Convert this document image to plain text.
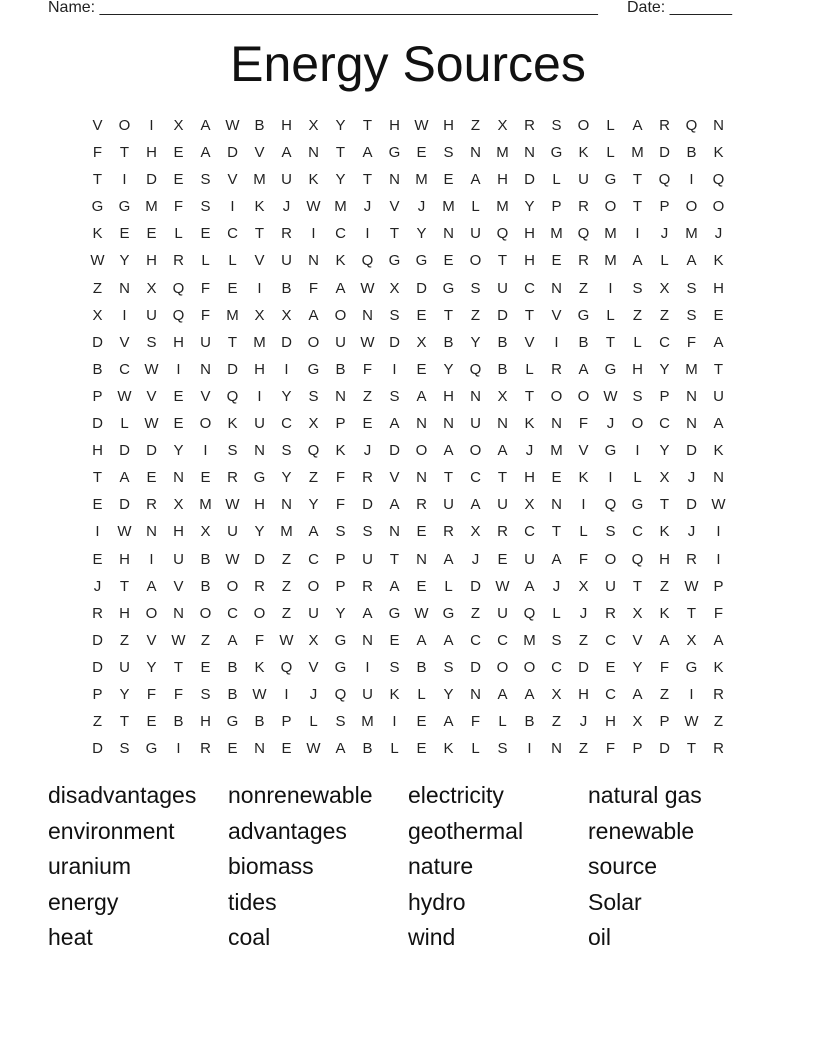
Name: ________________________________________________________ Date: _______
Energy Sources
V	O	I	X	A W B	H	X	Y	T	H W H	Z	X	R	S	O	L	A	R	Q	N
F	T	H	E	A	D	V	A	N	T	A	G	E	S	N	M	N	G	K	L	M	D	B	K
T	I	D	E	S	V	M	U	K	Y	T	N	M	E	A	H	D	L	U	G	T	Q	I	Q
G	G M	F	S	I	K	J	W M	J	V	J	M	L	M	Y	P	R	O	T	P	O	O
K	E	E	L	E	C	T	R	I	C	I	T	Y	N	U	Q	H	M Q M	I	J	M	J
W Y	H	R	L	L	V	U	N	K	Q	G	G	E	O	T	H	E	R	M	A	L	A	K
Z	N	X	Q	F	E	I	B	F	A W X	D	G	S	U	C	N	Z	I	S	X	S	H
X	I	U	Q	F	M	X	X	A	O	N	S	E	T	Z	D	T	V	G	L	Z	Z	S	E
D	V	S	H	U	T	M	D	O	U W D	X	B	Y	B	V	I	B	T	L	C	F	A
B	C W	I	N	D	H	I	G	B	F	I	E	Y	Q	B	L	R	A	G	H	Y	M	T
P W V	E	V	Q	I	Y	S	N	Z	S	A	H	N	X	T	O	O W S	P	N	U
D	L	W E	O	K	U	C	X	P	E	A	N	N	U	N	K	N	F	J	O	C	N	A
H	D	D	Y	I	S	N	S	Q	K	J	D	O	A	O	A	J	M	V	G	I	Y	D	K
T	A	E	N	E	R	G	Y	Z	F	R	V	N	T	C	T	H	E	K	I	L	X	J	N
E	D	R	X	M W H	N	Y	F	D	A	R	U	A	U	X	N	I	Q	G	T	D W
I	W N	H	X	U	Y	M	A	S	S	N	E	R	X	R	C	T	L	S	C	K	J	I
E	H	I	U	B W D	Z	C	P	U	T	N	A	J	E	U	A	F	O	Q	H	R	I
J	T	A	V	B	O	R	Z	O	P	R	A	E	L	D W A	J	X	U	T	Z	W P
R	H	O	N	O	C	O	Z	U	Y	A	G W G	Z	U	Q	L	J	R	X	K	T	F
D	Z	V W	Z	A	F	W X	G	N	E	A	A	C	C	M	S	Z	C	V	A	X	A
D	U	Y	T	E	B	K	Q	V	G	I	S	B	S	D	O	O	C	D	E	Y	F	G	K
P	Y	F	F	S	B W	I	J	Q	U	K	L	Y	N	A	A	X	H	C	A	Z	I	R
Z	T	E	B	H	G	B	P	L	S	M	I	E	A	F	L	B	Z	J	H	X	P W	Z
D	S	G	I	R	E	N	E W A	B	L	E	K	L	S	I	N	Z	F	P	D	T	R
disadvantages	nonrenewable	electricity	natural gas
environment	advantages	geothermal	renewable
uranium	biomass	nature	source
energy	tides	hydro	Solar
heat	coal	wind	oil
